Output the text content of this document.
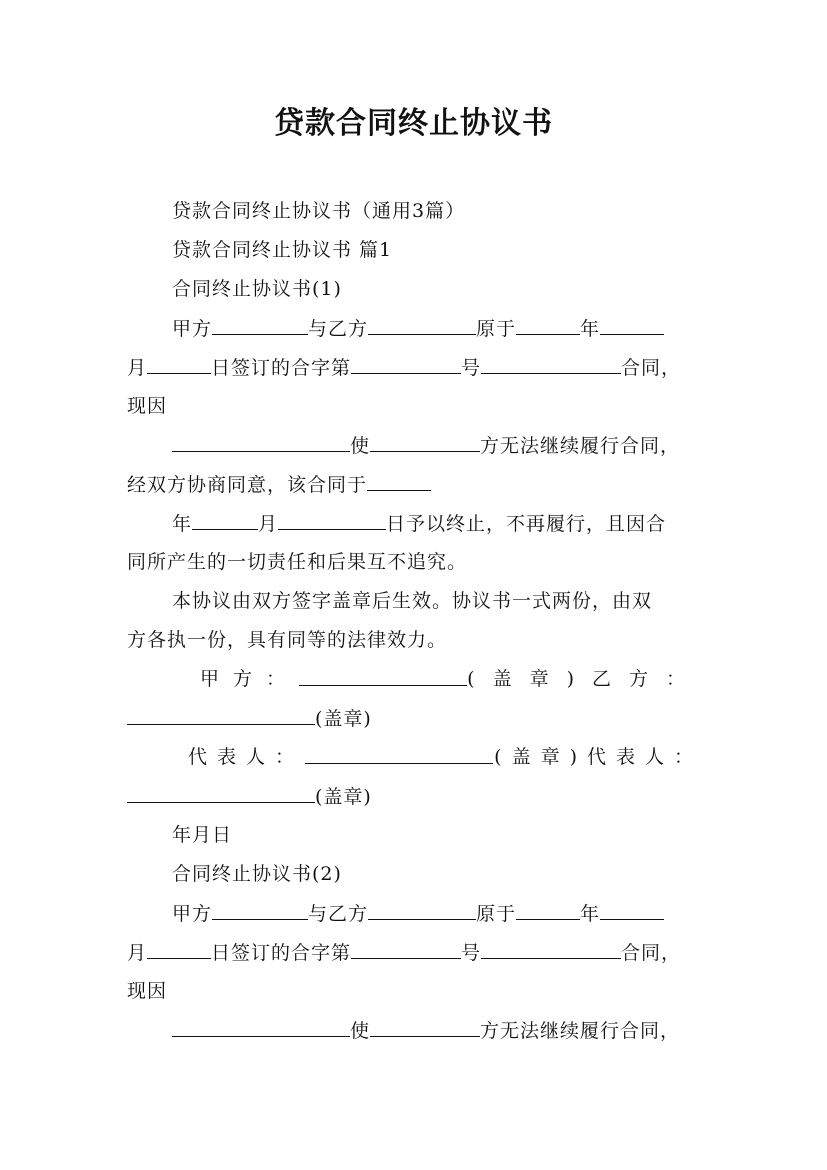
贷款合同终止协议书
贷款合同终止协议书（通用3篇）
贷款合同终止协议书 篇1
合同终止协议书(1)
甲方	与乙方	原于	年
月	日签订的合字第	号	合同，
现因
使	方无法继续履行合同，
经双方协商同意，该合同于
年	月	日予以终止，不再履行，且因合
同所产生的一切责任和后果互不追究。
本协议由双方签字盖章后生效。协议书一式两份，由双
方各执一份，具有同等的法律效力。
甲方：	(盖章)乙方：
(盖章)
代表人：	(盖章)代表人：
(盖章)
年月日
合同终止协议书(2)
甲方	与乙方	原于	年
月	日签订的合字第	号	合同，
现因
使	方无法继续履行合同，
